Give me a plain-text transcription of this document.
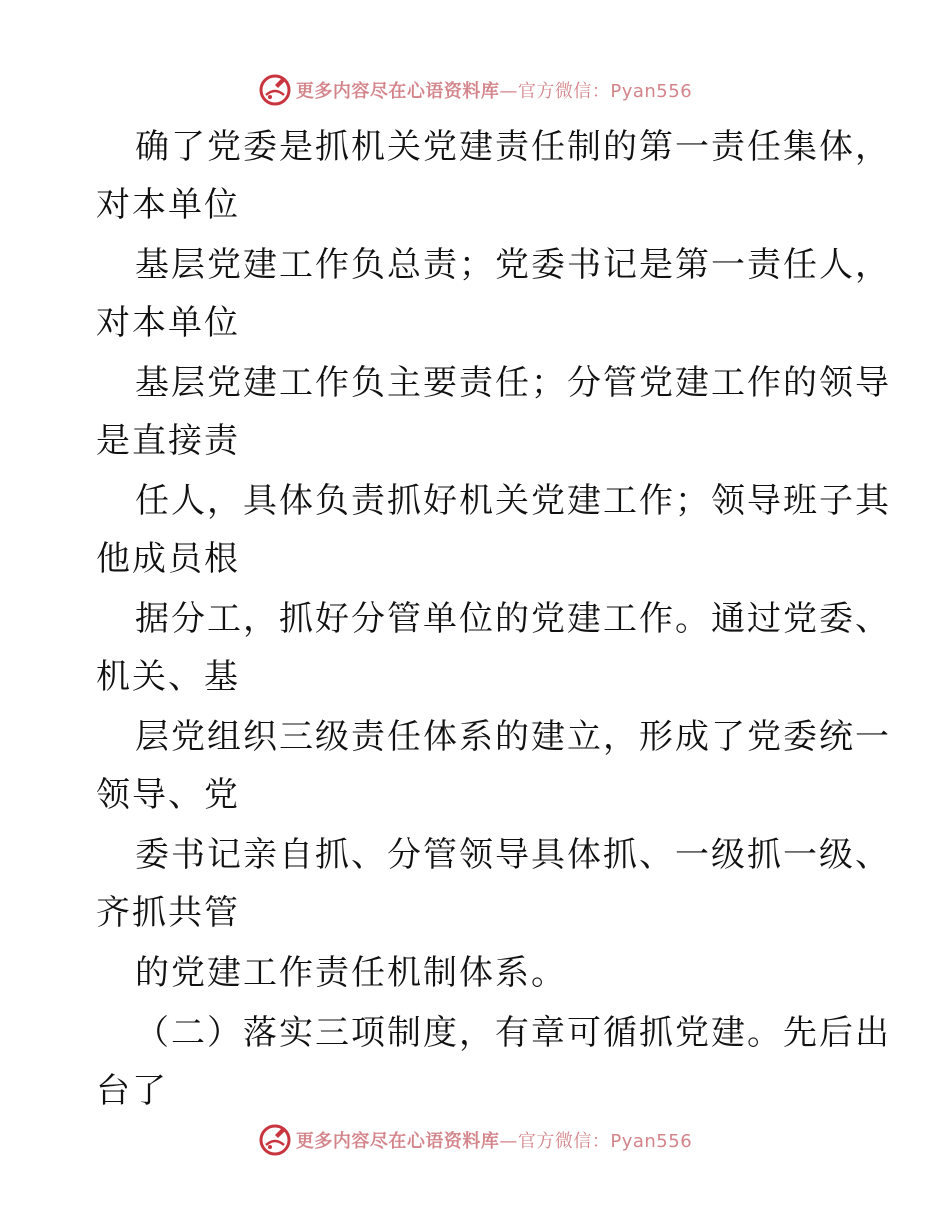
更多内容尽在心语资料库—官方微信：Pyan556
确了党委是抓机关党建责任制的第一责任集体，
对本单位
基层党建工作负总责；党委书记是第一责任人，
对本单位
基层党建工作负主要责任；分管党建工作的领导
是直接责
任人，具体负责抓好机关党建工作；领导班子其
他成员根
据分工，抓好分管单位的党建工作。通过党委、
机关、基
层党组织三级责任体系的建立，形成了党委统一
领导、党
委书记亲自抓、分管领导具体抓、一级抓一级、
齐抓共管
的党建工作责任机制体系。
（二）落实三项制度，有章可循抓党建。先后出
台了
更多内容尽在心语资料库—官方微信：Pyan556
